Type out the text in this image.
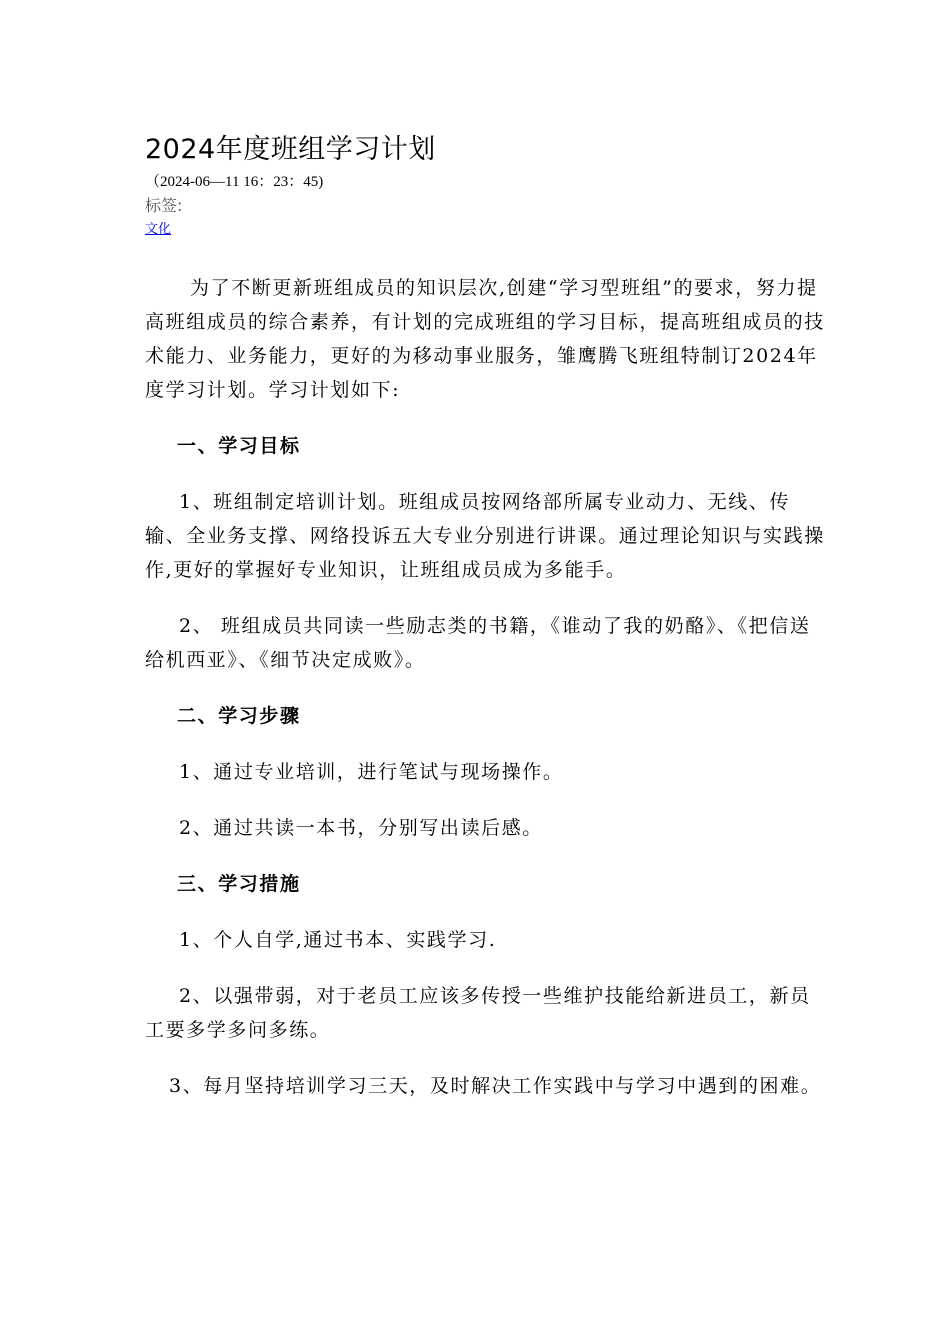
2024年度班组学习计划

（2024-06—11 16：23：45)

标签:

文化

为了不断更新班组成员的知识层次,创建“学习型班组”的要求，努力提高班组成员的综合素养，有计划的完成班组的学习目标，提高班组成员的技术能力、业务能力，更好的为移动事业服务，雏鹰腾飞班组特制订2024年度学习计划。学习计划如下:

一、学习目标

1、班组制定培训计划。班组成员按网络部所属专业动力、无线、传输、全业务支撑、网络投诉五大专业分别进行讲课。通过理论知识与实践操作,更好的掌握好专业知识，让班组成员成为多能手。

2、 班组成员共同读一些励志类的书籍，《谁动了我的奶酪》、《把信送给机西亚》、《细节决定成败》。

二、学习步骤

1、通过专业培训，进行笔试与现场操作。

2、通过共读一本书，分别写出读后感。

三、学习措施

1、个人自学,通过书本、实践学习.

2、以强带弱，对于老员工应该多传授一些维护技能给新进员工，新员工要多学多问多练。

3、每月坚持培训学习三天，及时解决工作实践中与学习中遇到的困难。
